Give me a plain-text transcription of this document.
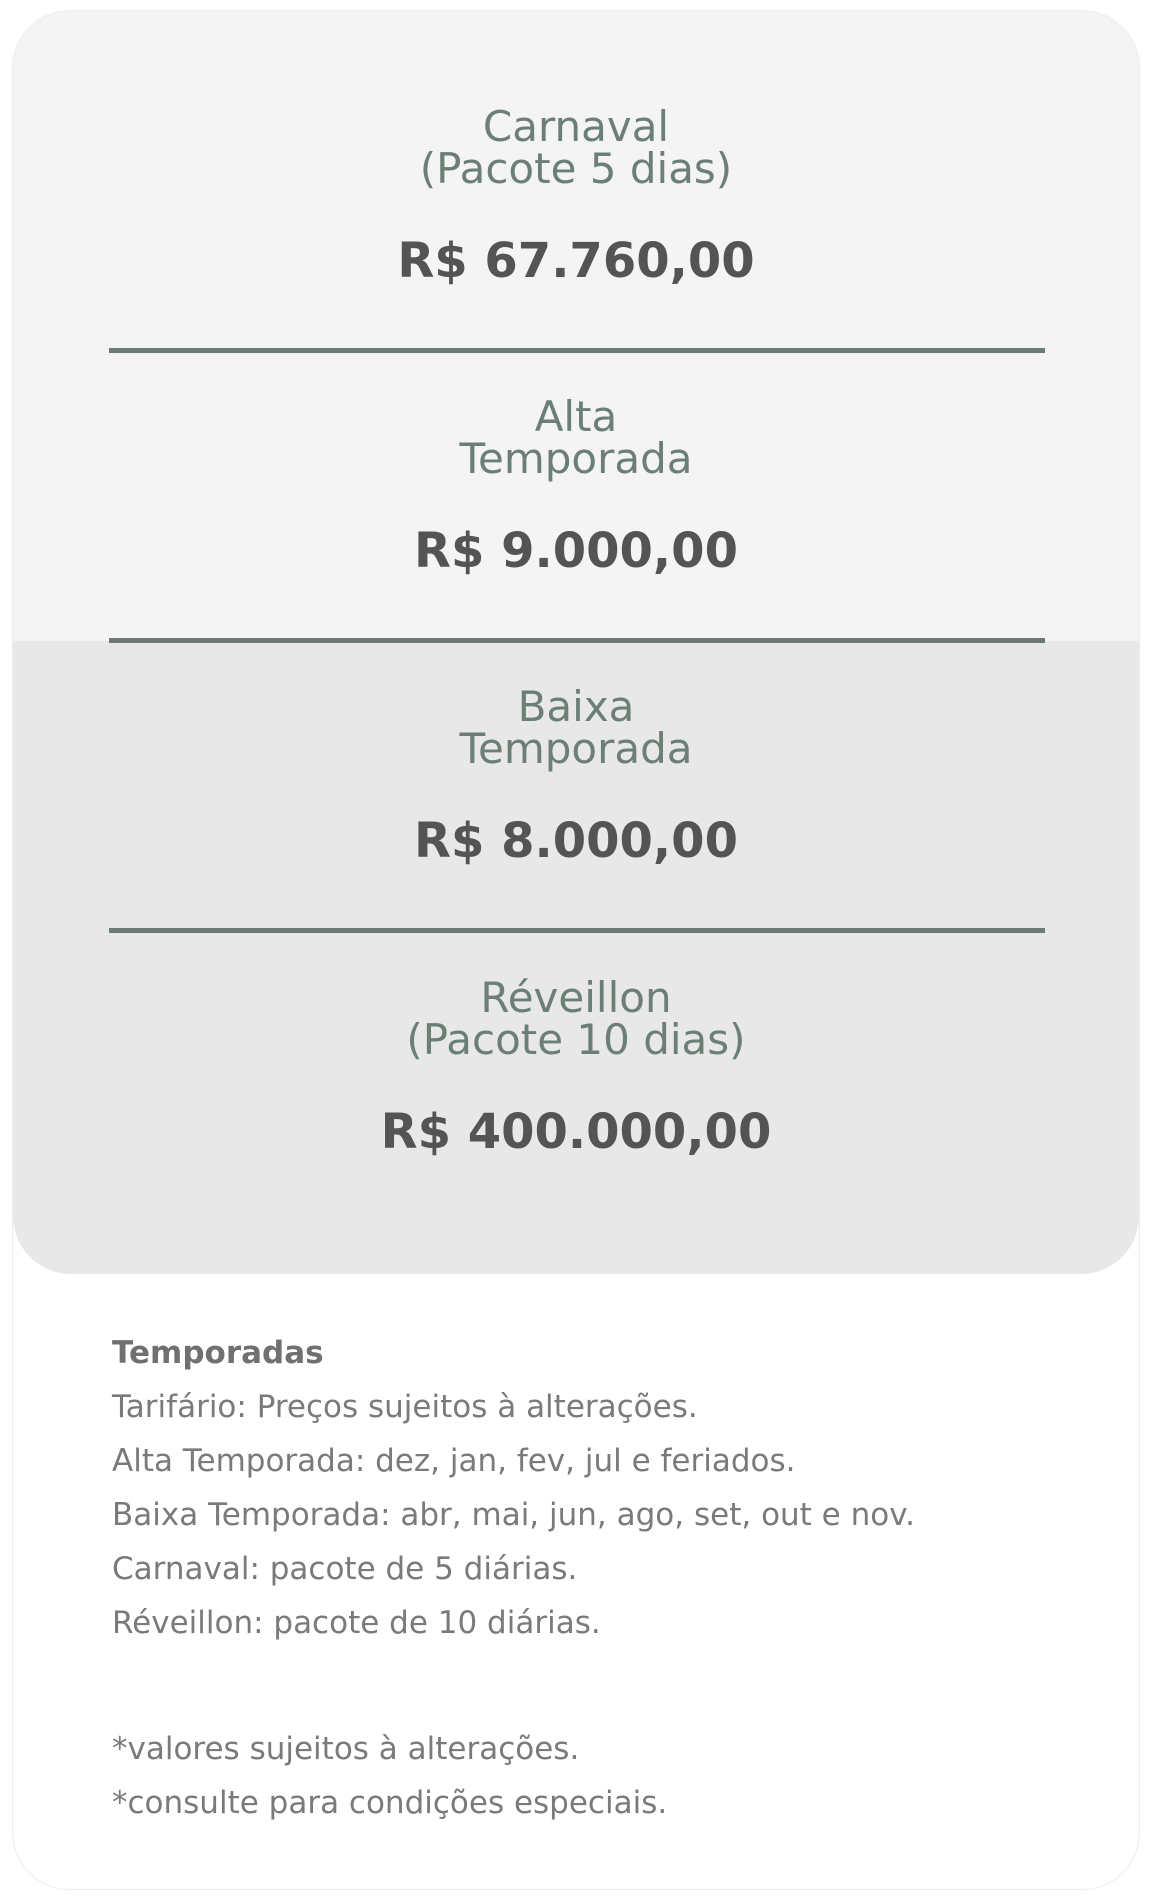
Carnaval

(Pacote 5 dias)

R$ 67.760,00

Alta

Temporada

R$ 9.000,00

Baixa

Temporada

R$ 8.000,00

Réveillon

(Pacote 10 dias)

R$ 400.000,00

Temporadas

Tarifário: Preços sujeitos à alterações.

Alta Temporada: dez, jan, fev, jul e feriados.

Baixa Temporada: abr, mai, jun, ago, set, out e nov.

Carnaval: pacote de 5 diárias.

Réveillon: pacote de 10 diárias.

*valores sujeitos à alterações.

*consulte para condições especiais.
